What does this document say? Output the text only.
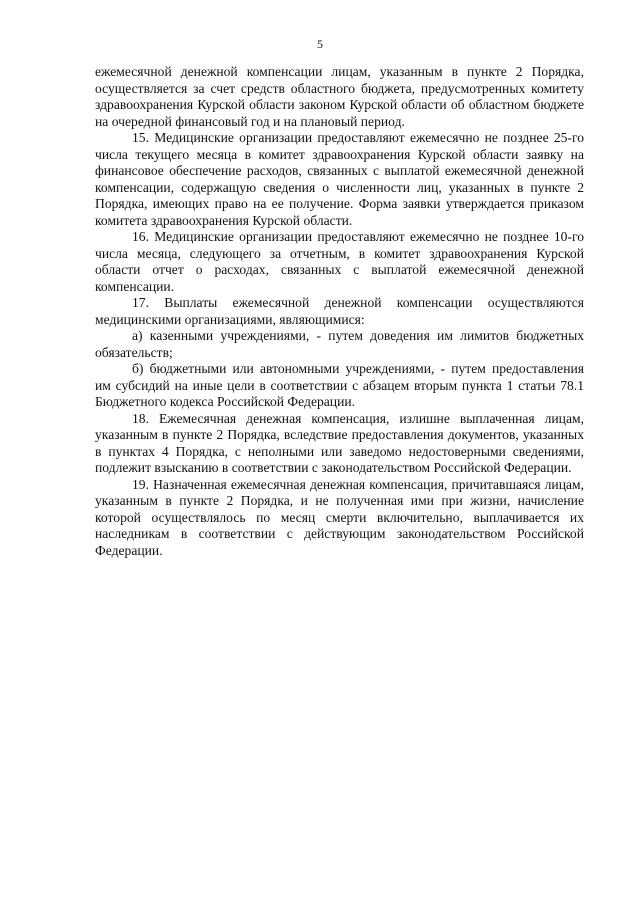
5

ежемесячной денежной компенсации лицам, указанным в пункте 2 Порядка, осуществляется за счет средств областного бюджета, предусмотренных комитету здравоохранения Курской области законом Курской области об областном бюджете на очередной финансовый год и на плановый период.

15. Медицинские организации предоставляют ежемесячно не позднее 25-го числа текущего месяца в комитет здравоохранения Курской области заявку на финансовое обеспечение расходов, связанных с выплатой ежемесячной денежной компенсации, содержащую сведения о численности лиц, указанных в пункте 2 Порядка, имеющих право на ее получение. Форма заявки утверждается приказом комитета здравоохранения Курской области.

16. Медицинские организации предоставляют ежемесячно не позднее 10-го числа месяца, следующего за отчетным, в комитет здравоохранения Курской области отчет о расходах, связанных с выплатой ежемесячной денежной компенсации.

17. Выплаты ежемесячной денежной компенсации осуществляются медицинскими организациями, являющимися:

а) казенными учреждениями, - путем доведения им лимитов бюджетных обязательств;

б) бюджетными или автономными учреждениями, - путем предоставления им субсидий на иные цели в соответствии с абзацем вторым пункта 1 статьи 78.1 Бюджетного кодекса Российской Федерации.

18. Ежемесячная денежная компенсация, излишне выплаченная лицам, указанным в пункте 2 Порядка, вследствие предоставления документов, указанных в пунктах 4 Порядка, с неполными или заведомо недостоверными сведениями, подлежит взысканию в соответствии с законодательством Российской Федерации.

19. Назначенная ежемесячная денежная компенсация, причитавшаяся лицам, указанным в пункте 2 Порядка, и не полученная ими при жизни, начисление которой осуществлялось по месяц смерти включительно, выплачивается их наследникам в соответствии с действующим законодательством Российской Федерации.
